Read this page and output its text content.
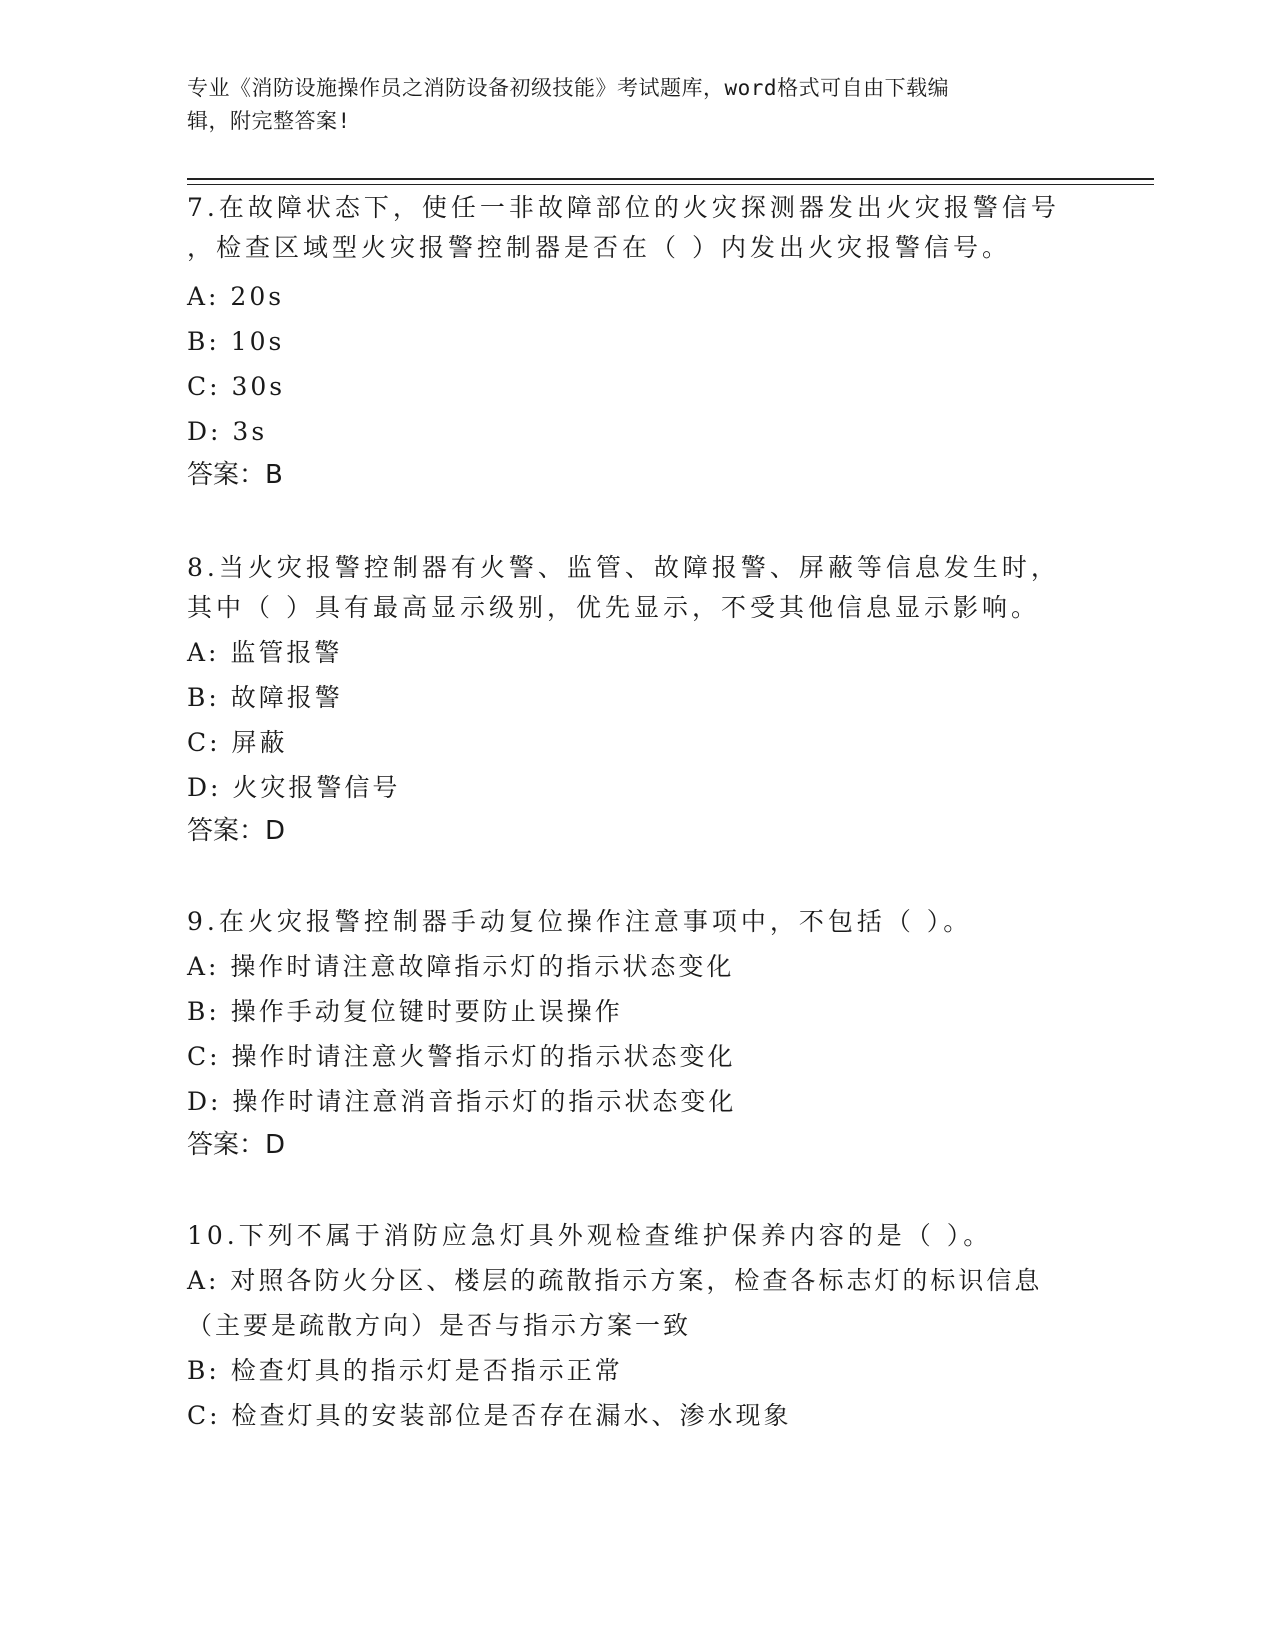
专业《消防设施操作员之消防设备初级技能》考试题库，word格式可自由下载编
辑，附完整答案!
7.在故障状态下，使任一非故障部位的火灾探测器发出火灾报警信号
，检查区域型火灾报警控制器是否在（ ）内发出火灾报警信号。
A: 20s
B: 10s
C: 30s
D: 3s
答案：B
8.当火灾报警控制器有火警、监管、故障报警、屏蔽等信息发生时，
其中（ ）具有最高显示级别，优先显示，不受其他信息显示影响。
A: 监管报警
B: 故障报警
C: 屏蔽
D: 火灾报警信号
答案：D
9.在火灾报警控制器手动复位操作注意事项中，不包括（ ）。
A: 操作时请注意故障指示灯的指示状态变化
B: 操作手动复位键时要防止误操作
C: 操作时请注意火警指示灯的指示状态变化
D: 操作时请注意消音指示灯的指示状态变化
答案：D
10.下列不属于消防应急灯具外观检查维护保养内容的是（ ）。
A: 对照各防火分区、楼层的疏散指示方案，检查各标志灯的标识信息
（主要是疏散方向）是否与指示方案一致
B: 检查灯具的指示灯是否指示正常
C: 检查灯具的安装部位是否存在漏水、渗水现象
